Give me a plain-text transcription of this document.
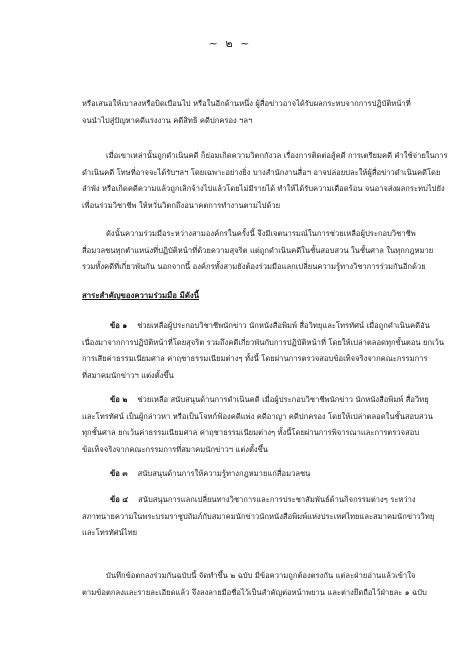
~ ๒ ~
หรือเสนอให้เบาลงหรือบิดเบือนไป หรือในอีกด้านหนึ่ง ผู้สื่อข่าวอาจได้รับผลกระทบจากการปฏิบัติหน้าที่
จนนำไปสู่ปัญหาคดีแรงงาน คดีสิทธิ คดีปกครอง ฯลฯ
เมื่อเขาเหล่านั้นถูกดำเนินคดี ก็ย่อมเกิดความวิตกกังวล เรื่องการติดต่อสู้คดี การเตรียมคดี คำใช้จ่ายในการ
ดำเนินคดี โทษที่อาจจะได้รับฯลฯ โดยเฉพาะอย่างยิ่ง บางสำนักงานสื่อฯ อาจปล่อยปละให้ผู้สื่อข่าวดำเนินคดีโดย
ลำพัง หรือเกิดคดีความแล้วถูกเลิกจ้างไปแล้วโดยไม่มีรายได้ ทำให้ได้รับความเดือดร้อน จนอาจส่งผลกระทบไปยัง
เพื่อนร่วมวิชาชีพ ให้หวั่นวิตกถึงอนาคตการทำงานตามไปด้วย
ดังนั้นความร่วมมือระหว่างสามองค์กรในครั้งนี้ จึงมีเจตนารมณ์ในการช่วยเหลือผู้ประกอบวิชาชีพ
สื่อมวลชนทุกตำแหน่งที่ปฏิบัติหน้าที่ด้วยความสุจริต แต่ถูกดำเนินคดีในชั้นสอบสวน ในชั้นศาล ในทุกกฎหมาย
รวมทั้งคดีที่เกี่ยวพันกัน นอกจากนี้ องค์กรทั้งสามยังต้องร่วมมือแลกเปลี่ยนความรู้ทางวิชาการร่วมกันอีกด้วย
สาระสำคัญของความร่วมมือ มีดังนี้
ข้อ ๑ ช่วยเหลือผู้ประกอบวิชาชีพนักข่าว นักหนังสือพิมพ์ สื่อวิทยุและโทรทัศน์ เมื่อถูกดำเนินคดีอัน
เนื่องมาจากการปฏิบัติหน้าที่โดยสุจริต รวมถึงคดีเกี่ยวพันกับการปฏิบัติหน้าที่ โดยให้เปล่าตลอดทุกขั้นตอน ยกเว้น
การเสียค่าธรรมเนียมศาล ค่าฤชาธรรมเนียมต่างๆ ทั้งนี้ โดยผ่านการตรวจสอบข้อเท็จจริงจากคณะกรรมการ
ที่สมาคมนักข่าวฯ แต่งตั้งขึ้น
ข้อ ๒ ช่วยเหลือ สนับสนุนด้านการดำเนินคดี เมื่อผู้ประกอบวิชาชีพนักข่าว นักหนังสือพิมพ์ สื่อวิทยุ
และโทรทัศน์ เป็นผู้กล่าวหา หรือเป็นโจทก์ฟ้องคดีแพ่ง คดีอาญา คดีปกครอง โดยให้เปล่าตลอดในชั้นสอบสวน
ทุกชั้นศาล ยกเว้นค่าธรรมเนียมศาล ค่าฤชาธรรมเนียมต่างๆ ทั้งนี้โดยผ่านการพิจารณาและการตรวจสอบ
ข้อเท็จจริงจากคณะกรรมการที่สมาคมนักข่าวฯ แต่งตั้งขึ้น
ข้อ ๓ สนับสนุนด้านการให้ความรู้ทางกฎหมายแก่สื่อมวลชน
ข้อ ๔ สนับสนุนการแลกเปลี่ยนทางวิชาการและการประชาสัมพันธ์ด้านกิจกรรมต่างๆ ระหว่าง
สภาทนายความในพระบรมราชูปถัมภ์กับสมาคมนักข่าวนักหนังสือพิมพ์แห่งประเทศไทยและสมาคมนักข่าววิทยุ
และโทรทัศน์ไทย
บันทึกข้อตกลงร่วมกันฉบับนี้ จัดทำขึ้น ๒ ฉบับ มีข้อความถูกต้องตรงกัน แต่ละฝ่ายอ่านแล้วเข้าใจ
ตามข้อตกลงและรายละเอียดแล้ว จึงลงลายมือชื่อไว้เป็นสำคัญต่อหน้าพยาน และต่างยึดถือไว้ฝ่ายละ ๑ ฉบับ
